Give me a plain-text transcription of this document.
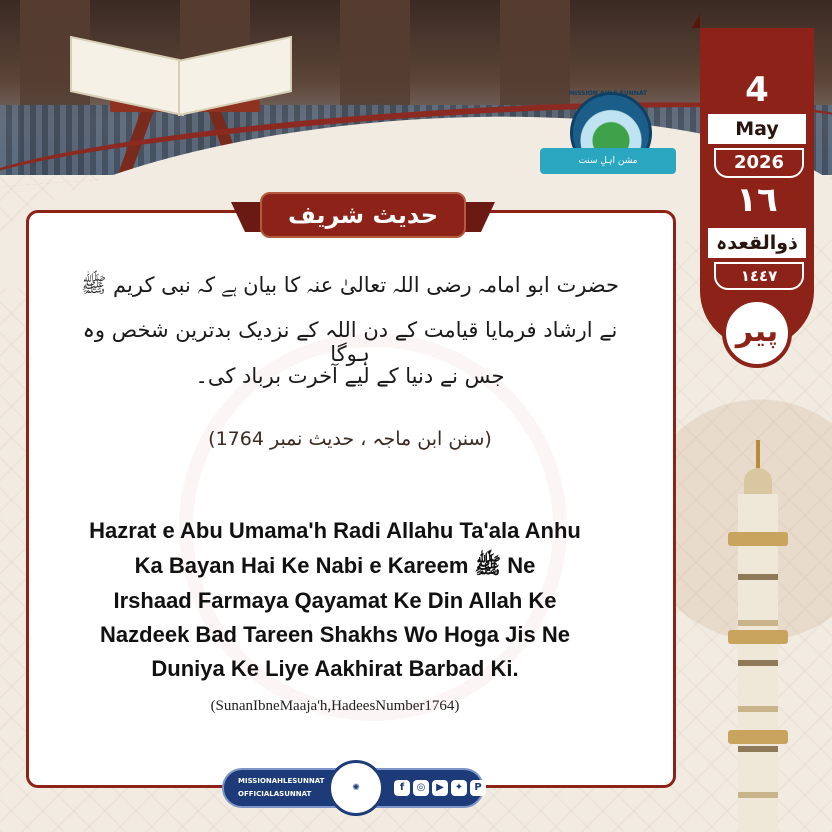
MISSION AHLE SUNNAT
مشن اہلِ سنت
4
May
2026
١٦
ذوالقعدہ
١٤٤٧
پیر
حدیث شریف
حضرت ابو امامہ رضی اللہ تعالیٰ عنہ کا بیان ہے کہ نبی کریم ﷺ
نے ارشاد فرمایا قیامت کے دن اللہ کے نزدیک بدترین شخص وہ ہوگا
جس نے دنیا کے لیے آخرت برباد کی۔
(سنن ابن ماجہ ، حدیث نمبر 1764)
Hazrat e Abu Umama'h Radi Allahu Ta'ala Anhu
Ka Bayan Hai Ke Nabi e Kareem ﷺ Ne
Irshaad Farmaya Qayamat Ke Din Allah Ke
Nazdeek Bad Tareen Shakhs Wo Hoga Jis Ne
Duniya Ke Liye Aakhirat Barbad Ki.
(SunanIbneMaaja'h,HadeesNumber1764)
MISSIONAHLESUNNAT
OFFICIALASUNNAT
✺	f	◎	▶	✦	P
